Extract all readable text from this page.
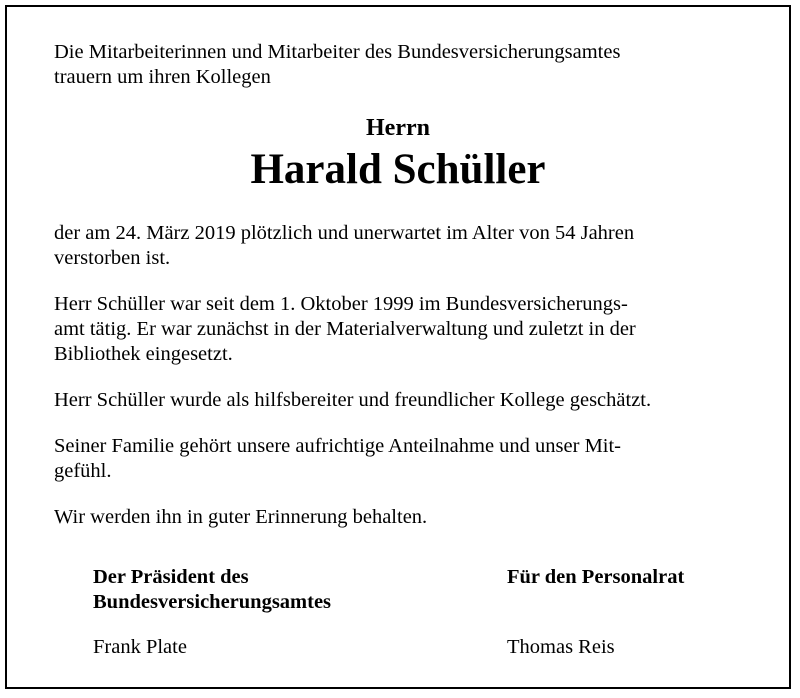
Die Mitarbeiterinnen und Mitarbeiter des Bundesversicherungsamtes
trauern um ihren Kollegen
Herrn
Harald Schüller
der am 24. März 2019 plötzlich und unerwartet im Alter von 54 Jahren
verstorben ist.
Herr Schüller war seit dem 1. Oktober 1999 im Bundesversicherungs-
amt tätig. Er war zunächst in der Materialverwaltung und zuletzt in der
Bibliothek eingesetzt.
Herr Schüller wurde als hilfsbereiter und freundlicher Kollege geschätzt.
Seiner Familie gehört unsere aufrichtige Anteilnahme und unser Mit-
gefühl.
Wir werden ihn in guter Erinnerung behalten.
Der Präsident des
Bundesversicherungsamtes
Für den Personalrat
Frank Plate	Thomas Reis
